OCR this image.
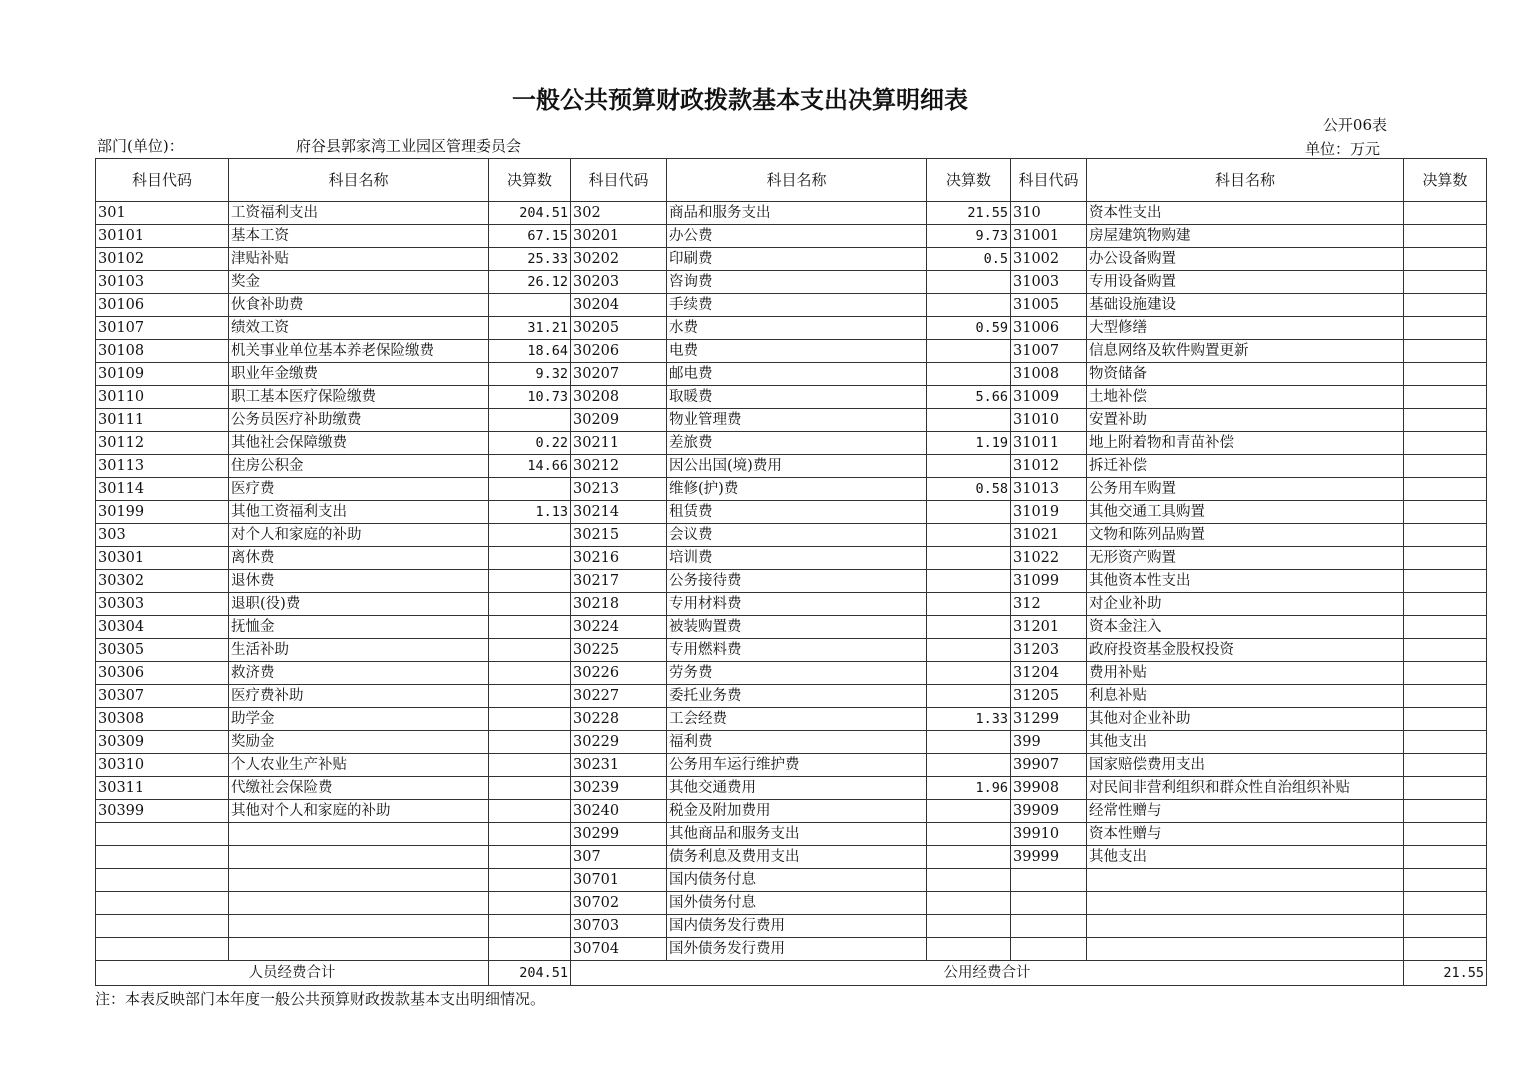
一般公共预算财政拨款基本支出决算明细表
公开06表
部门(单位)：	府谷县郭家湾工业园区管理委员会	单位：万元
科目代码	科目名称	决算数	科目代码	科目名称	决算数	科目代码	科目名称	决算数
301	工资福利支出	204.51	302	商品和服务支出	21.55	310	资本性支出	
30101	基本工资	67.15	30201	办公费	9.73	31001	房屋建筑物购建	
30102	津贴补贴	25.33	30202	印刷费	0.5	31002	办公设备购置	
30103	奖金	26.12	30203	咨询费		31003	专用设备购置	
30106	伙食补助费		30204	手续费		31005	基础设施建设	
30107	绩效工资	31.21	30205	水费	0.59	31006	大型修缮	
30108	机关事业单位基本养老保险缴费	18.64	30206	电费		31007	信息网络及软件购置更新	
30109	职业年金缴费	9.32	30207	邮电费		31008	物资储备	
30110	职工基本医疗保险缴费	10.73	30208	取暖费	5.66	31009	土地补偿	
30111	公务员医疗补助缴费		30209	物业管理费		31010	安置补助	
30112	其他社会保障缴费	0.22	30211	差旅费	1.19	31011	地上附着物和青苗补偿	
30113	住房公积金	14.66	30212	因公出国(境)费用		31012	拆迁补偿	
30114	医疗费		30213	维修(护)费	0.58	31013	公务用车购置	
30199	其他工资福利支出	1.13	30214	租赁费		31019	其他交通工具购置	
303	对个人和家庭的补助		30215	会议费		31021	文物和陈列品购置	
30301	离休费		30216	培训费		31022	无形资产购置	
30302	退休费		30217	公务接待费		31099	其他资本性支出	
30303	退职(役)费		30218	专用材料费		312	对企业补助	
30304	抚恤金		30224	被装购置费		31201	资本金注入	
30305	生活补助		30225	专用燃料费		31203	政府投资基金股权投资	
30306	救济费		30226	劳务费		31204	费用补贴	
30307	医疗费补助		30227	委托业务费		31205	利息补贴	
30308	助学金		30228	工会经费	1.33	31299	其他对企业补助	
30309	奖励金		30229	福利费		399	其他支出	
30310	个人农业生产补贴		30231	公务用车运行维护费		39907	国家赔偿费用支出	
30311	代缴社会保险费		30239	其他交通费用	1.96	39908	对民间非营利组织和群众性自治组织补贴	
30399	其他对个人和家庭的补助		30240	税金及附加费用		39909	经常性赠与	
			30299	其他商品和服务支出		39910	资本性赠与	
			307	债务利息及费用支出		39999	其他支出	
			30701	国内债务付息				
			30702	国外债务付息				
			30703	国内债务发行费用				
			30704	国外债务发行费用				
人员经费合计		204.51	公用经费合计					21.55
注：本表反映部门本年度一般公共预算财政拨款基本支出明细情况。
